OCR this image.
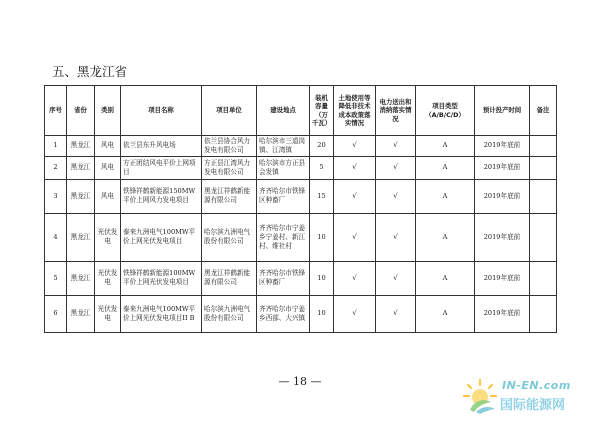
五、黑龙江省
序号	省份	类别	项目名称	项目单位	建设地点	装机容量（万千瓦）	土地使用等降低非技术成本政策落实情况	电力送出和消纳落实情况	项目类型（A/B/C/D）	预计投产时间	备注
1	黑龙江	风电	依兰县东升风电场	依兰县协合风力发电有限公司	哈尔滨市三道岗镇、江湾镇	20	√	√	A	2019年底前	
2	黑龙江	风电	方正团结风电平价上网项目	方正县江湾风力发电有限公司	哈尔滨市方正县会发镇	5	√	√	A	2019年底前	
3	黑龙江	风电	铁锋祥鹤新能源150MW平价上网风力发电项目	黑龙江祥鹤新能源有限公司	齐齐哈尔市铁锋区种畜厂	15	√	√	A	2019年底前	
4	黑龙江	光伏发电	泰来九洲电气100MW平价上网光伏发电项目	哈尔滨九洲电气股份有限公司	齐齐哈尔市宁姜乡宁姜村、新江村、维社村	10	√	√	A	2019年底前	
5	黑龙江	光伏发电	铁锋祥鹤新能源100MW平价上网光伏发电项目	黑龙江祥鹤新能源有限公司	齐齐哈尔市铁锋区种畜厂	10	√	√	A	2019年底前	
6	黑龙江	光伏发电	泰来九洲电气100MW平价上网光伏发电项目II B	哈尔滨九洲电气股份有限公司	齐齐哈尔市宁姜乡西部、大兴镇	10	√	√	A	2019年底前	
— 18 —	IN-EN.com
国际能源网
